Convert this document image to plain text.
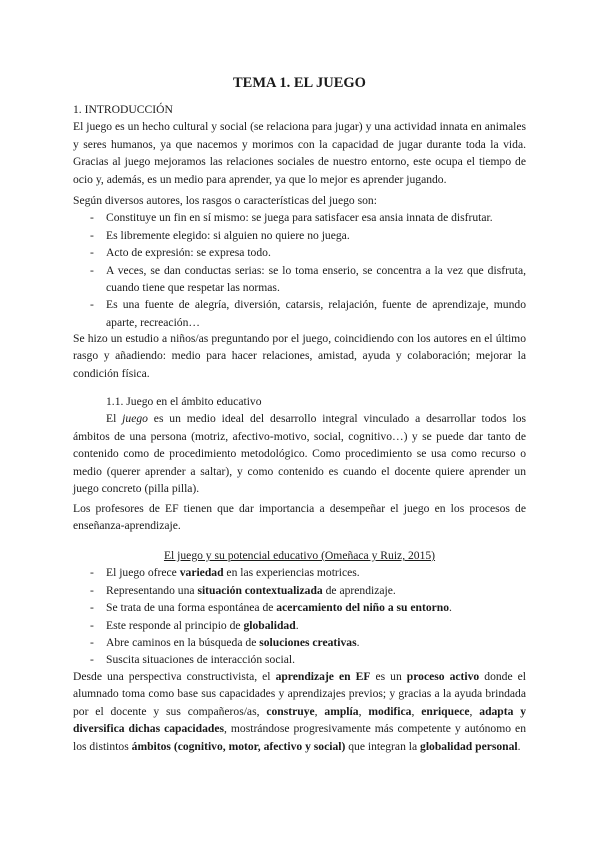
TEMA 1. EL JUEGO

1. INTRODUCCIÓN

El juego es un hecho cultural y social (se relaciona para jugar) y una actividad innata en animales y seres humanos, ya que nacemos y morimos con la capacidad de jugar durante toda la vida. Gracias al juego mejoramos las relaciones sociales de nuestro entorno, este ocupa el tiempo de ocio y, además, es un medio para aprender, ya que lo mejor es aprender jugando.

Según diversos autores, los rasgos o características del juego son:

- Constituye un fin en sí mismo: se juega para satisfacer esa ansia innata de disfrutar.
- Es libremente elegido: si alguien no quiere no juega.
- Acto de expresión: se expresa todo.
- A veces, se dan conductas serias: se lo toma enserio, se concentra a la vez que disfruta, cuando tiene que respetar las normas.
- Es una fuente de alegría, diversión, catarsis, relajación, fuente de aprendizaje, mundo aparte, recreación…
Se hizo un estudio a niños/as preguntando por el juego, coincidiendo con los autores en el último rasgo y añadiendo: medio para hacer relaciones, amistad, ayuda y colaboración; mejorar la condición física.

1.1. Juego en el ámbito educativo

El juego es un medio ideal del desarrollo integral vinculado a desarrollar todos los ámbitos de una persona (motriz, afectivo-motivo, social, cognitivo…) y se puede dar tanto de contenido como de procedimiento metodológico. Como procedimiento se usa como recurso o medio (querer aprender a saltar), y como contenido es cuando el docente quiere aprender un juego concreto (pilla pilla).

Los profesores de EF tienen que dar importancia a desempeñar el juego en los procesos de enseñanza-aprendizaje.

El juego y su potencial educativo (Omeñaca y Ruiz, 2015)

- El juego ofrece variedad en las experiencias motrices.
- Representando una situación contextualizada de aprendizaje.
- Se trata de una forma espontánea de acercamiento del niño a su entorno.
- Este responde al principio de globalidad.
- Abre caminos en la búsqueda de soluciones creativas.
- Suscita situaciones de interacción social.
Desde una perspectiva constructivista, el aprendizaje en EF es un proceso activo donde el alumnado toma como base sus capacidades y aprendizajes previos; y gracias a la ayuda brindada por el docente y sus compañeros/as, construye, amplía, modifica, enriquece, adapta y diversifica dichas capacidades, mostrándose progresivamente más competente y autónomo en los distintos ámbitos (cognitivo, motor, afectivo y social) que integran la globalidad personal.
